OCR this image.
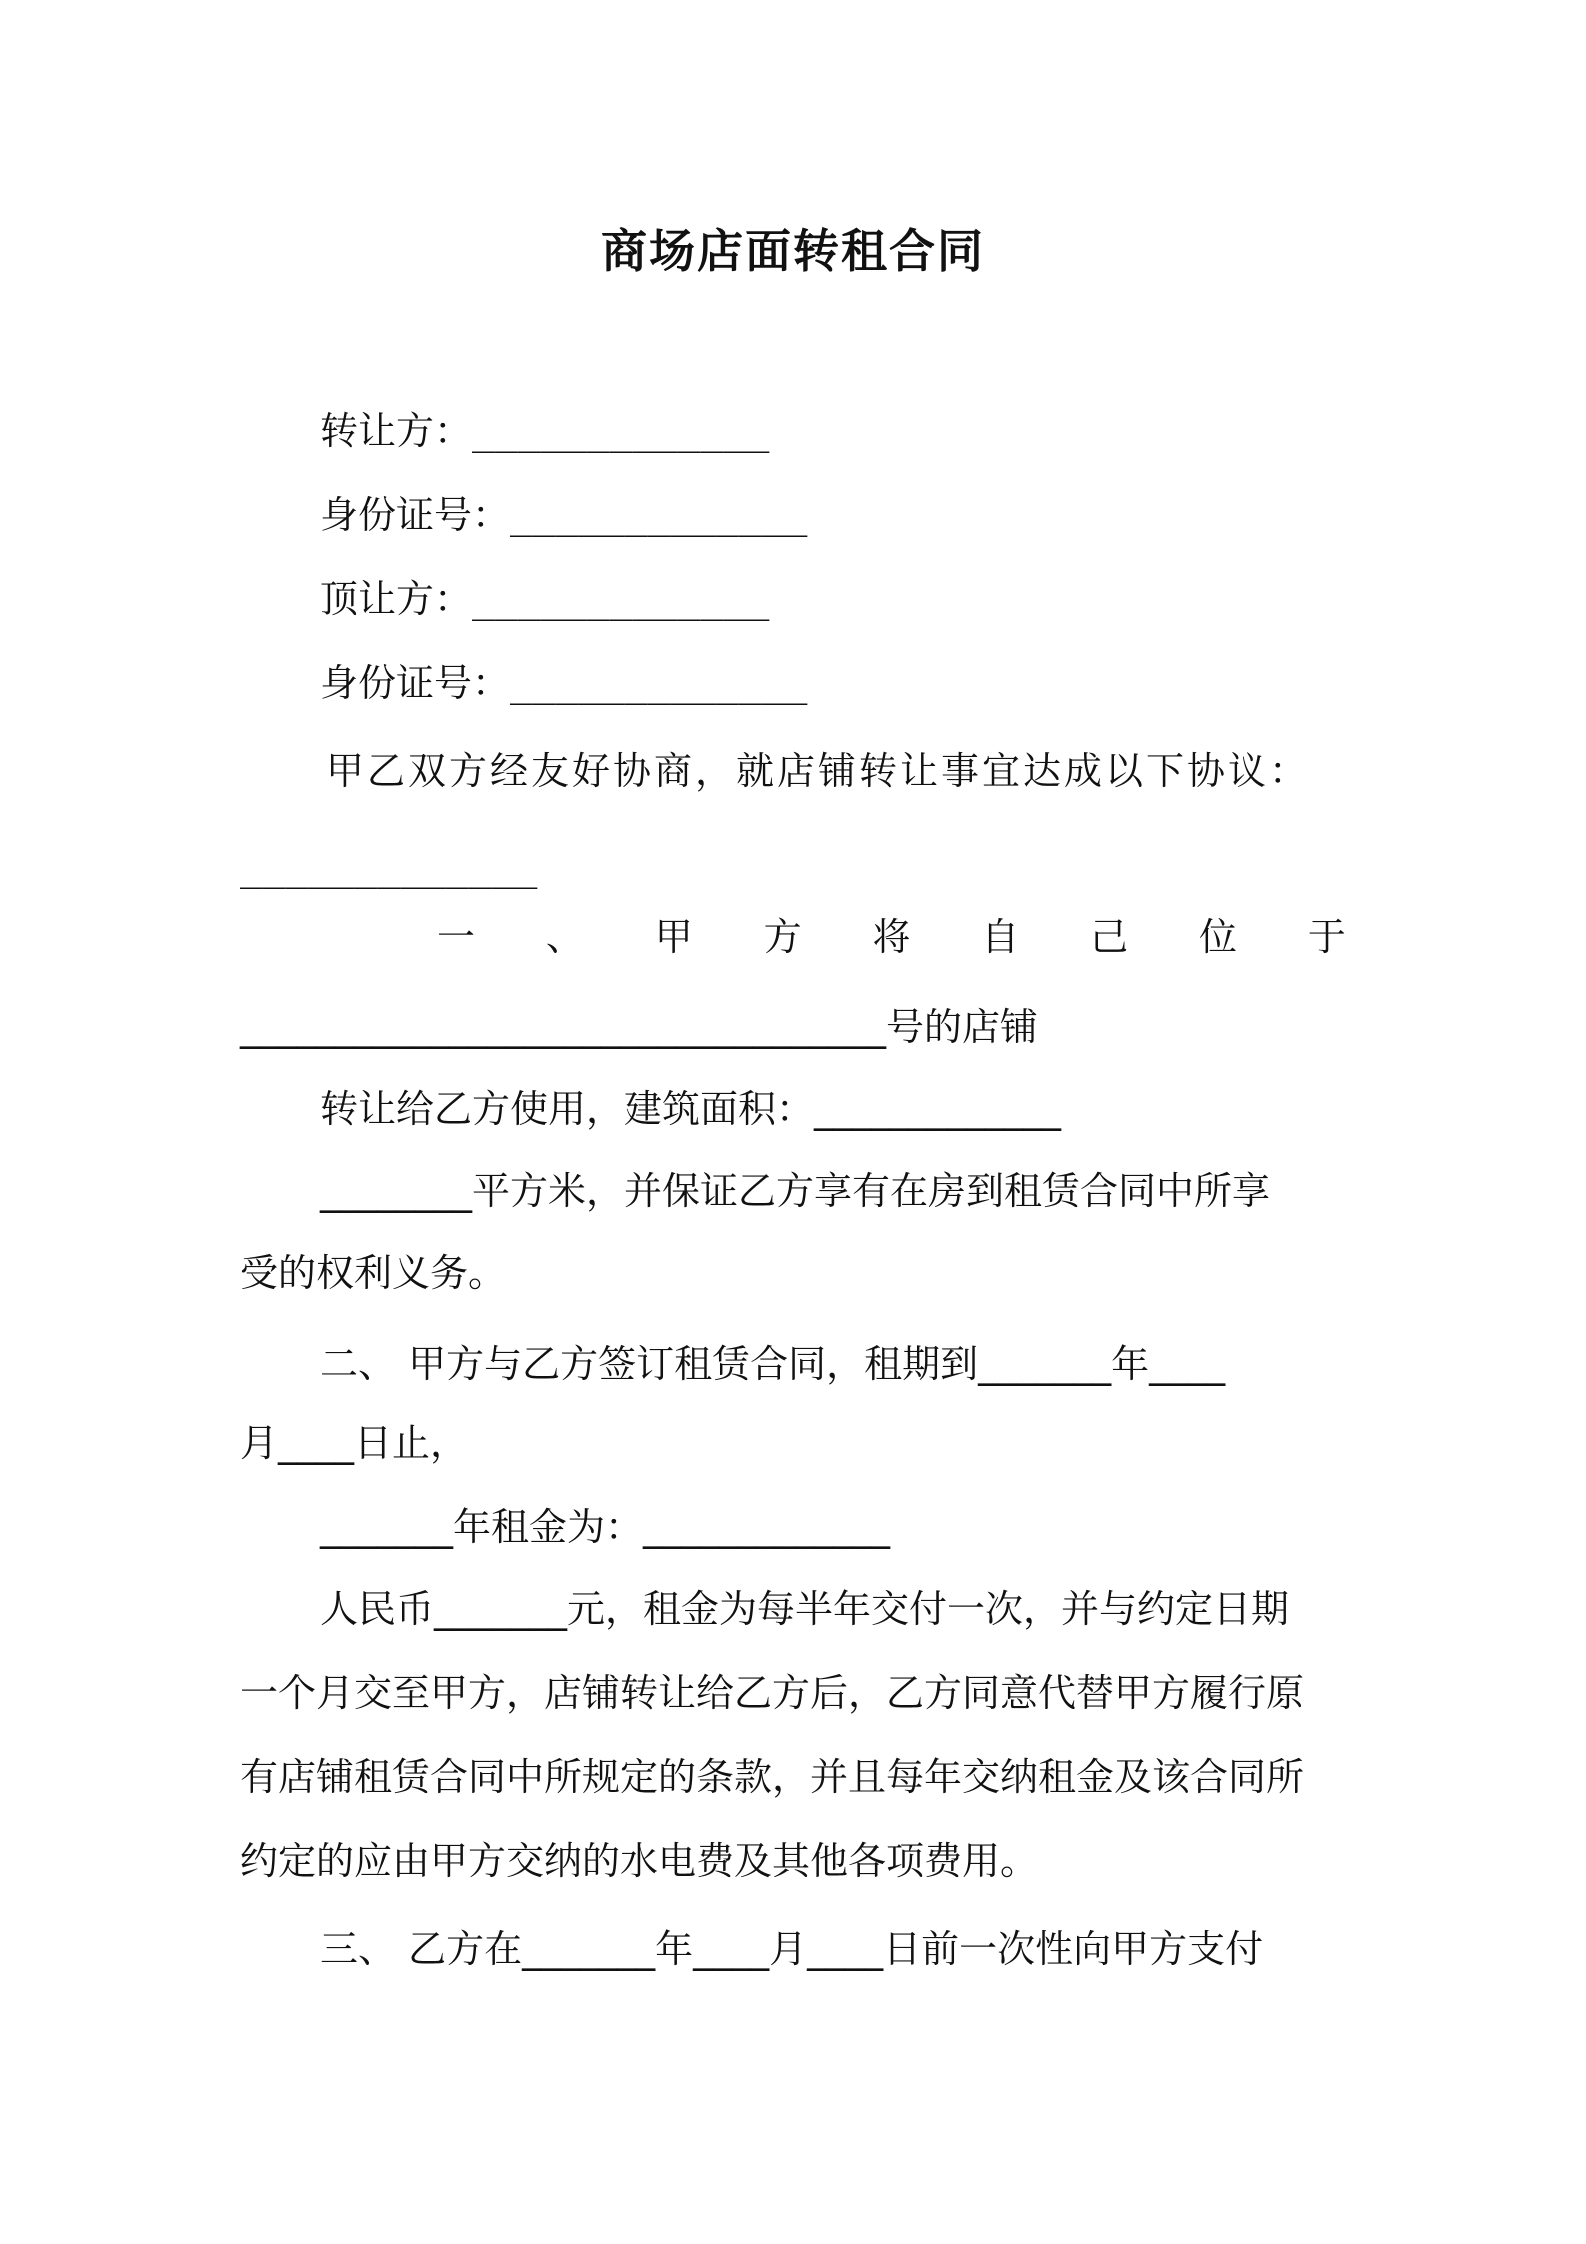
商场店面转租合同
转让方：_____________
身份证号：_____________
顶让方：_____________
身份证号：_____________
甲乙双方经友好协商，就店铺转让事宜达成以下协议：
_____________
一 、 甲 方 将 自 己 位 于
__________________________________号的店铺
转让给乙方使用，建筑面积：_____________
________平方米，并保证乙方享有在房到租赁合同中所享
受的权利义务。
二、 甲方与乙方签订租赁合同，租期到_______年____
月____日止，
_______年租金为：_____________
人民币_______元，租金为每半年交付一次，并与约定日期
一个月交至甲方，店铺转让给乙方后，乙方同意代替甲方履行原
有店铺租赁合同中所规定的条款，并且每年交纳租金及该合同所
约定的应由甲方交纳的水电费及其他各项费用。
三、 乙方在_______年____月____日前一次性向甲方支付
